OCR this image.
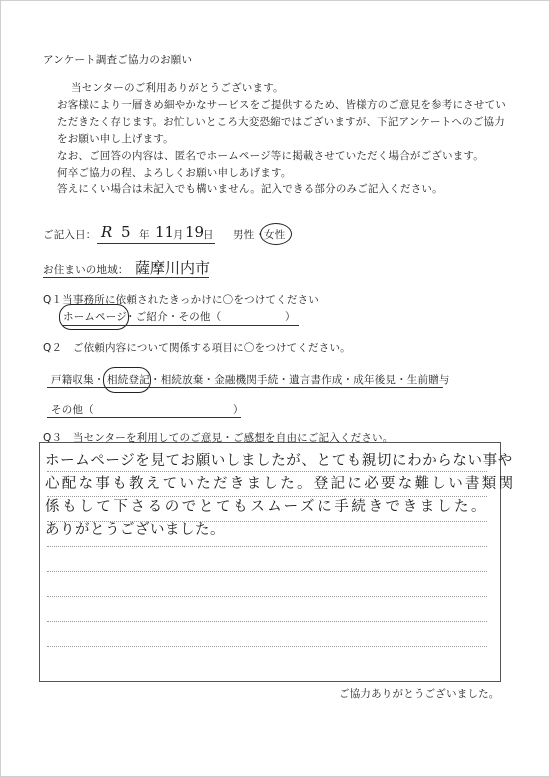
アンケート調査ご協力のお願い
当センターのご利用ありがとうございます。
お客様により一層きめ細やかなサービスをご提供するため、皆様方のご意見を参考にさせてい
ただきたく存じます。お忙しいところ大変恐縮ではございますが、下記アンケートへのご協力
をお願い申し上げます。
なお、ご回答の内容は、匿名でホームページ等に掲載させていただく場合がございます。
何卒ご協力の程、よろしくお願い申しあげます。
答えにくい場合は未記入でも構いません。記入できる部分のみご記入ください。
ご記入日： R 5 年 11
月 19
日 男性 ・
女性
お住まいの地域： 薩摩川内市
Q１当事務所に依頼されたきっかけに〇をつけてください
ホームページ
・ご紹介・その他（	）
Q２　ご依頼内容について関係する項目に〇をつけてください。
戸籍収集・ 相続登記 ・相続放棄・金融機関手続・遺言書作成・成年後見・生前贈与
その他（	）
Q３　当センターを利用してのご意見・ご感想を自由にご記入ください。
ホームページを見てお願いしましたが、とても親切にわからない事や
心配な事も教えていただきました。登記に必要な難しい書類関
係もして下さるのでとてもスムーズに手続きできました。
ありがとうございました。
ご協力ありがとうございました。
